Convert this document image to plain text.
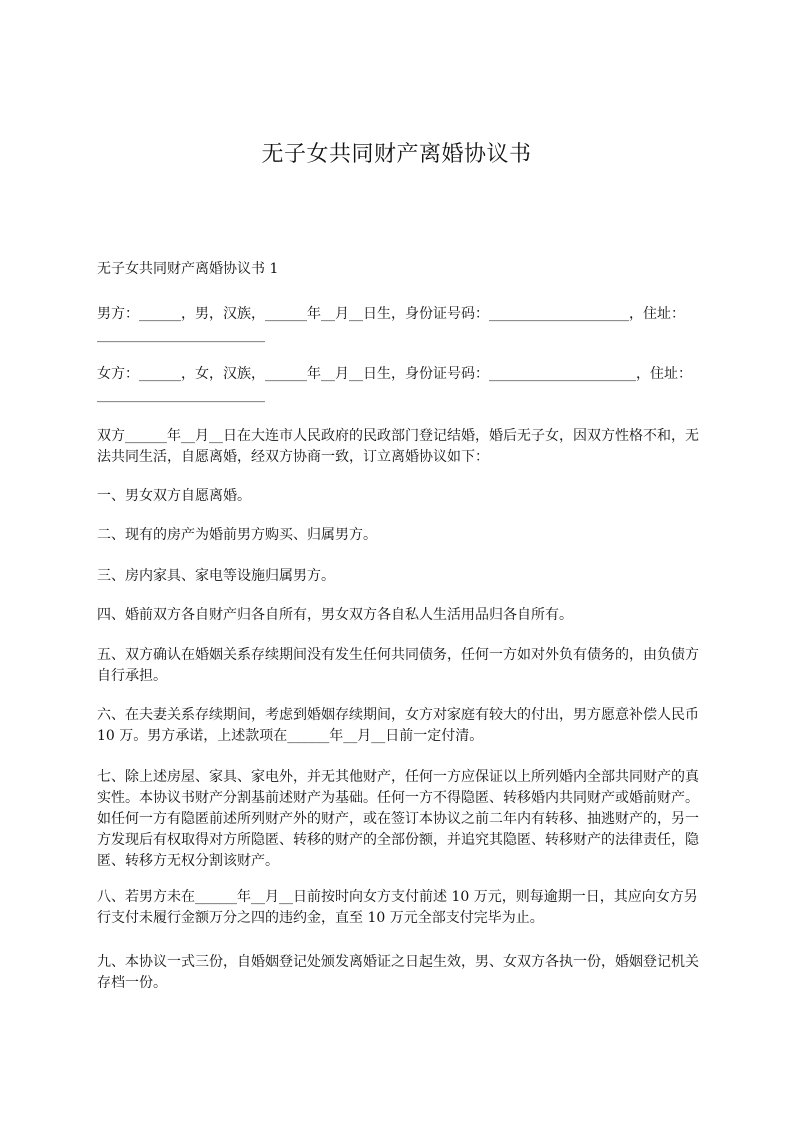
无子女共同财产离婚协议书

无子女共同财产离婚协议书 1

男方：______，男，汉族，______年__月__日生，身份证号码：____________________，住址：________________________

女方：______，女，汉族，______年__月__日生，身份证号码：_____________________，住址：________________________

双方______年__月__日在大连市人民政府的民政部门登记结婚，婚后无子女，因双方性格不和，无法共同生活，自愿离婚，经双方协商一致，订立离婚协议如下：

一、男女双方自愿离婚。

二、现有的房产为婚前男方购买、归属男方。

三、房内家具、家电等设施归属男方。

四、婚前双方各自财产归各自所有，男女双方各自私人生活用品归各自所有。

五、双方确认在婚姻关系存续期间没有发生任何共同债务，任何一方如对外负有债务的，由负债方自行承担。

六、在夫妻关系存续期间，考虑到婚姻存续期间，女方对家庭有较大的付出，男方愿意补偿人民币 10 万。男方承诺，上述款项在______年__月__日前一定付清。

七、除上述房屋、家具、家电外，并无其他财产，任何一方应保证以上所列婚内全部共同财产的真实性。本协议书财产分割基前述财产为基础。任何一方不得隐匿、转移婚内共同财产或婚前财产。如任何一方有隐匿前述所列财产外的财产，或在签订本协议之前二年内有转移、抽逃财产的，另一方发现后有权取得对方所隐匿、转移的财产的全部份额，并追究其隐匿、转移财产的法律责任，隐匿、转移方无权分割该财产。

八、若男方未在______年__月__日前按时向女方支付前述 10 万元，则每逾期一日，其应向女方另行支付未履行金额万分之四的违约金，直至 10 万元全部支付完毕为止。

九、本协议一式三份，自婚姻登记处颁发离婚证之日起生效，男、女双方各执一份，婚姻登记机关存档一份。
